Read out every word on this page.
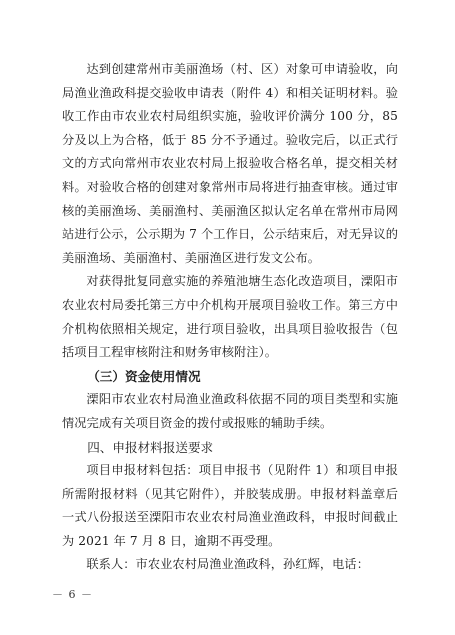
达到创建常州市美丽渔场（村、区）对象可申请验收，向局渔业渔政科提交验收申请表（附件 4）和相关证明材料。验收工作由市农业农村局组织实施，验收评价满分 100 分，85 分及以上为合格，低于 85 分不予通过。验收完后，以正式行文的方式向常州市农业农村局上报验收合格名单，提交相关材料。对验收合格的创建对象常州市局将进行抽查审核。通过审核的美丽渔场、美丽渔村、美丽渔区拟认定名单在常州市局网站进行公示，公示期为 7 个工作日，公示结束后，对无异议的美丽渔场、美丽渔村、美丽渔区进行发文公布。

对获得批复同意实施的养殖池塘生态化改造项目，溧阳市农业农村局委托第三方中介机构开展项目验收工作。第三方中介机构依照相关规定，进行项目验收，出具项目验收报告（包括项目工程审核附注和财务审核附注）。

（三）资金使用情况

溧阳市农业农村局渔业渔政科依据不同的项目类型和实施情况完成有关项目资金的拨付或报账的辅助手续。

四、申报材料报送要求

项目申报材料包括：项目申报书（见附件 1）和项目申报所需附报材料（见其它附件），并胶装成册。申报材料盖章后一式八份报送至溧阳市农业农村局渔业渔政科，申报时间截止为 2021 年 7 月 8 日，逾期不再受理。

联系人：市农业农村局渔业渔政科，孙红辉，电话：

－ 6 －
